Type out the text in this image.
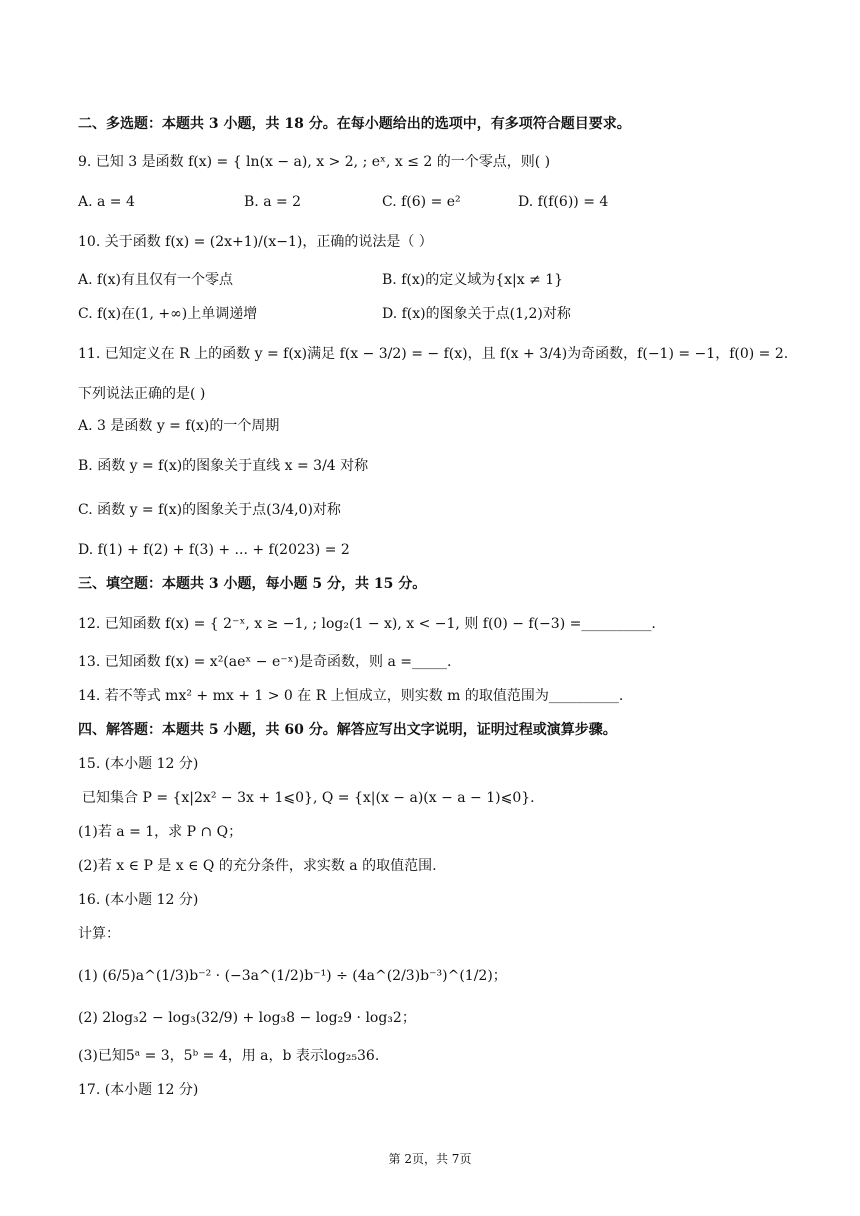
二、多选题：本题共 3 小题，共 18 分。在每小题给出的选项中，有多项符合题目要求。
9. 已知 3 是函数 f(x) = { ln(x − a), x > 2, ; eˣ, x ≤ 2 的一个零点，则( )
A. a = 4	B. a = 2	C. f(6) = e²	D. f(f(6)) = 4
10. 关于函数 f(x) = (2x+1)/(x−1)，正确的说法是（ ）
A. f(x)有且仅有一个零点	B. f(x)的定义域为{x|x ≠ 1}
C. f(x)在(1, +∞)上单调递增	D. f(x)的图象关于点(1,2)对称
11. 已知定义在 R 上的函数 y = f(x)满足 f(x − 3/2) = − f(x)，且 f(x + 3/4)为奇函数，f(−1) = −1，f(0) = 2.
下列说法正确的是( )
A. 3 是函数 y = f(x)的一个周期
B. 函数 y = f(x)的图象关于直线 x = 3/4 对称
C. 函数 y = f(x)的图象关于点(3/4,0)对称
D. f(1) + f(2) + f(3) + ... + f(2023) = 2
三、填空题：本题共 3 小题，每小题 5 分，共 15 分。
12. 已知函数 f(x) = { 2⁻ˣ, x ≥ −1, ; log₂(1 − x), x < −1, 则 f(0) − f(−3) =__________.
13. 已知函数 f(x) = x²(aeˣ − e⁻ˣ)是奇函数，则 a =_____.
14. 若不等式 mx² + mx + 1 > 0 在 R 上恒成立，则实数 m 的取值范围为__________.
四、解答题：本题共 5 小题，共 60 分。解答应写出文字说明，证明过程或演算步骤。
15. (本小题 12 分)
已知集合 P = {x|2x² − 3x + 1⩽0}, Q = {x|(x − a)(x − a − 1)⩽0}.
(1)若 a = 1，求 P ∩ Q；
(2)若 x ∈ P 是 x ∈ Q 的充分条件，求实数 a 的取值范围.
16. (本小题 12 分)
计算：
(1) (6/5)a^(1/3)b⁻² · (−3a^(1/2)b⁻¹) ÷ (4a^(2/3)b⁻³)^(1/2)；
(2) 2log₃2 − log₃(32/9) + log₃8 − log₂9 · log₃2；
(3)已知5ᵃ = 3，5ᵇ = 4，用 a，b 表示log₂₅36.
17. (本小题 12 分)
第 2页，共 7页
